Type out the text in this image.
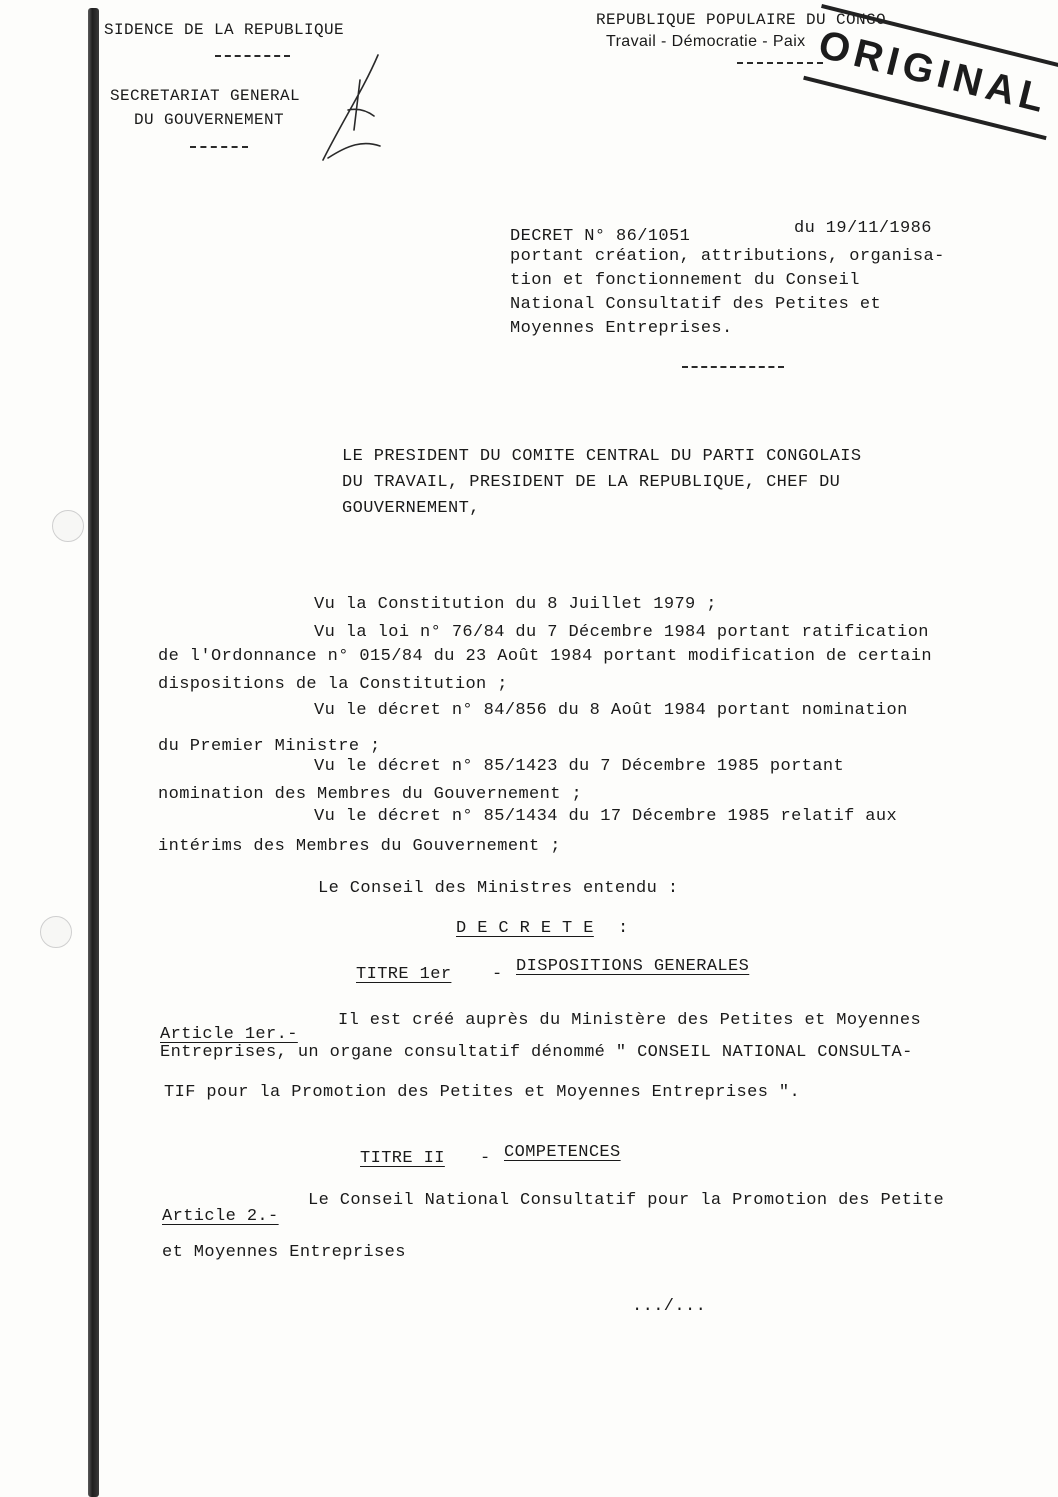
SIDENCE DE LA REPUBLIQUE
SECRETARIAT GENERAL
DU GOUVERNEMENT
REPUBLIQUE POPULAIRE DU CONGO
Travail - Démocratie - Paix ORIGINAL
DECRET N° 86/1051	du 19/11/1986
portant création, attributions, organisa-
tion et fonctionnement du Conseil
National Consultatif des Petites et
Moyennes Entreprises.
LE PRESIDENT DU COMITE CENTRAL DU PARTI CONGOLAIS
DU TRAVAIL, PRESIDENT DE LA REPUBLIQUE, CHEF DU
GOUVERNEMENT,
Vu la Constitution du 8 Juillet 1979 ;
Vu la loi n° 76/84 du 7 Décembre 1984 portant ratification
de l'Ordonnance n° 015/84 du 23 Août 1984 portant modification de certain
dispositions de la Constitution ;
Vu le décret n° 84/856 du 8 Août 1984 portant nomination
du Premier Ministre ;
Vu le décret n° 85/1423 du 7 Décembre 1985 portant
nomination des Membres du Gouvernement ;
Vu le décret n° 85/1434 du 17 Décembre 1985 relatif aux
intérims des Membres du Gouvernement ;
Le Conseil des Ministres entendu :
D E C R E T E :
TITRE 1er - DISPOSITIONS GENERALES
Article 1er.-
Il est créé auprès du Ministère des Petites et Moyennes
Entreprises, un organe consultatif dénommé " CONSEIL NATIONAL CONSULTA-
TIF pour la Promotion des Petites et Moyennes Entreprises ".
TITRE II - COMPETENCES
Article 2.-
Le Conseil National Consultatif pour la Promotion des Petite
et Moyennes Entreprises
.../...
